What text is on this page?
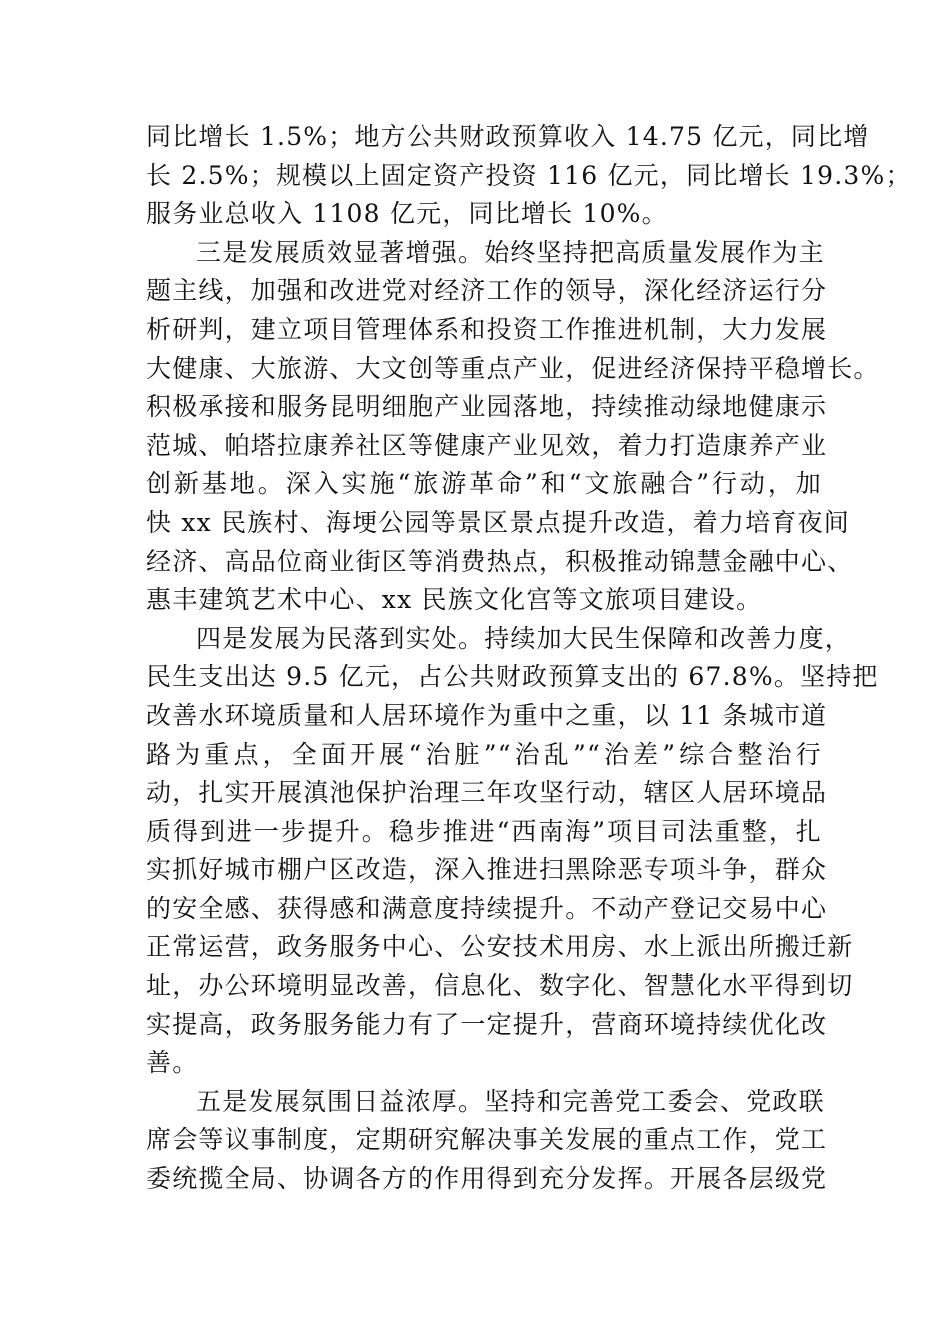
同比增长 1.5%；地方公共财政预算收入 14.75 亿元，同比增
长 2.5%；规模以上固定资产投资 116 亿元，同比增长 19.3%；
服务业总收入 1108 亿元，同比增长 10%。
三是发展质效显著增强。始终坚持把高质量发展作为主
题主线，加强和改进党对经济工作的领导，深化经济运行分
析研判，建立项目管理体系和投资工作推进机制，大力发展
大健康、大旅游、大文创等重点产业，促进经济保持平稳增长。
积极承接和服务昆明细胞产业园落地，持续推动绿地健康示
范城、帕塔拉康养社区等健康产业见效，着力打造康养产业
创新基地。深入实施“旅游革命”和“文旅融合”行动，加
快 xx 民族村、海埂公园等景区景点提升改造，着力培育夜间
经济、高品位商业街区等消费热点，积极推动锦慧金融中心、
惠丰建筑艺术中心、xx 民族文化宫等文旅项目建设。
四是发展为民落到实处。持续加大民生保障和改善力度，
民生支出达 9.5 亿元，占公共财政预算支出的 67.8%。坚持把
改善水环境质量和人居环境作为重中之重，以 11 条城市道
路为重点，全面开展“治脏”“治乱”“治差”综合整治行
动，扎实开展滇池保护治理三年攻坚行动，辖区人居环境品
质得到进一步提升。稳步推进“西南海”项目司法重整，扎
实抓好城市棚户区改造，深入推进扫黑除恶专项斗争，群众
的安全感、获得感和满意度持续提升。不动产登记交易中心
正常运营，政务服务中心、公安技术用房、水上派出所搬迁新
址，办公环境明显改善，信息化、数字化、智慧化水平得到切
实提高，政务服务能力有了一定提升，营商环境持续优化改
善。
五是发展氛围日益浓厚。坚持和完善党工委会、党政联
席会等议事制度，定期研究解决事关发展的重点工作，党工
委统揽全局、协调各方的作用得到充分发挥。开展各层级党
